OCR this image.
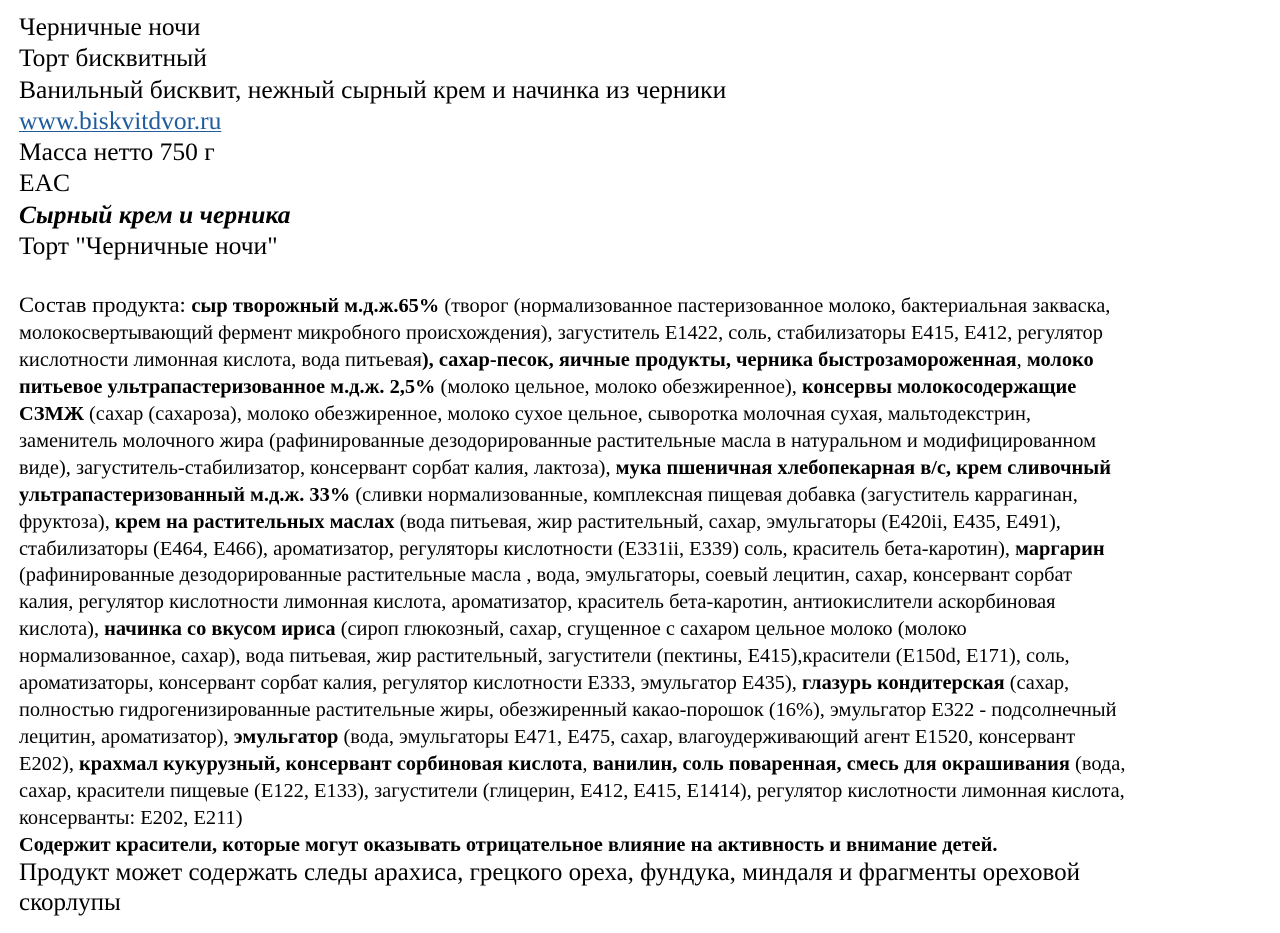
Черничные ночи
Торт бисквитный
Ванильный бисквит, нежный сырный крем и начинка из черники
www.biskvitdvor.ru
Масса нетто 750 г
EAC
Сырный крем и черника
Торт "Черничные ночи"
Состав продукта: сыр творожный м.д.ж.65% (творог (нормализованное пастеризованное молоко, бактериальная закваска,
молокосвертывающий фермент микробного происхождения), загуститель Е1422, соль, стабилизаторы Е415, Е412, регулятор
кислотности лимонная кислота, вода питьевая), сахар-песок, яичные продукты, черника быстрозамороженная, молоко
питьевое ультрапастеризованное м.д.ж. 2,5% (молоко цельное, молоко обезжиренное), консервы молокосодержащие
СЗМЖ (сахар (сахароза), молоко обезжиренное, молоко сухое цельное, сыворотка молочная сухая, мальтодекстрин,
заменитель молочного жира (рафинированные дезодорированные растительные масла в натуральном и модифицированном
виде), загуститель-стабилизатор, консервант сорбат калия, лактоза), мука пшеничная хлебопекарная в/с, крем сливочный
ультрапастеризованный м.д.ж. 33% (сливки нормализованные, комплексная пищевая добавка (загуститель каррагинан,
фруктоза), крем на растительных маслах (вода питьевая, жир растительный, сахар, эмульгаторы (Е420ii, Е435, Е491),
стабилизаторы (Е464, Е466), ароматизатор, регуляторы кислотности (Е331ii, Е339) соль, краситель бета-каротин), маргарин
(рафинированные дезодорированные растительные масла , вода, эмульгаторы, соевый лецитин, сахар, консервант сорбат
калия, регулятор кислотности лимонная кислота, ароматизатор, краситель бета-каротин, антиокислители аскорбиновая
кислота), начинка со вкусом ириса (сироп глюкозный, сахар, сгущенное с сахаром цельное молоко (молоко
нормализованное, сахар), вода питьевая, жир растительный, загустители (пектины, Е415),красители (Е150d, Е171), соль,
ароматизаторы, консервант сорбат калия, регулятор кислотности Е333, эмульгатор Е435), глазурь кондитерская (сахар,
полностью гидрогенизированные растительные жиры, обезжиренный какао-порошок (16%), эмульгатор Е322 - подсолнечный
лецитин, ароматизатор), эмульгатор (вода, эмульгаторы Е471, Е475, сахар, влагоудерживающий агент Е1520, консервант
Е202), крахмал кукурузный, консервант сорбиновая кислота, ванилин, соль поваренная, смесь для окрашивания (вода,
сахар, красители пищевые (Е122, Е133), загустители (глицерин, Е412, Е415, Е1414), регулятор кислотности лимонная кислота,
консерванты: Е202, Е211)
Содержит красители, которые могут оказывать отрицательное влияние на активность и внимание детей.
Продукт может содержать следы арахиса, грецкого ореха, фундука, миндаля и фрагменты ореховой
скорлупы
